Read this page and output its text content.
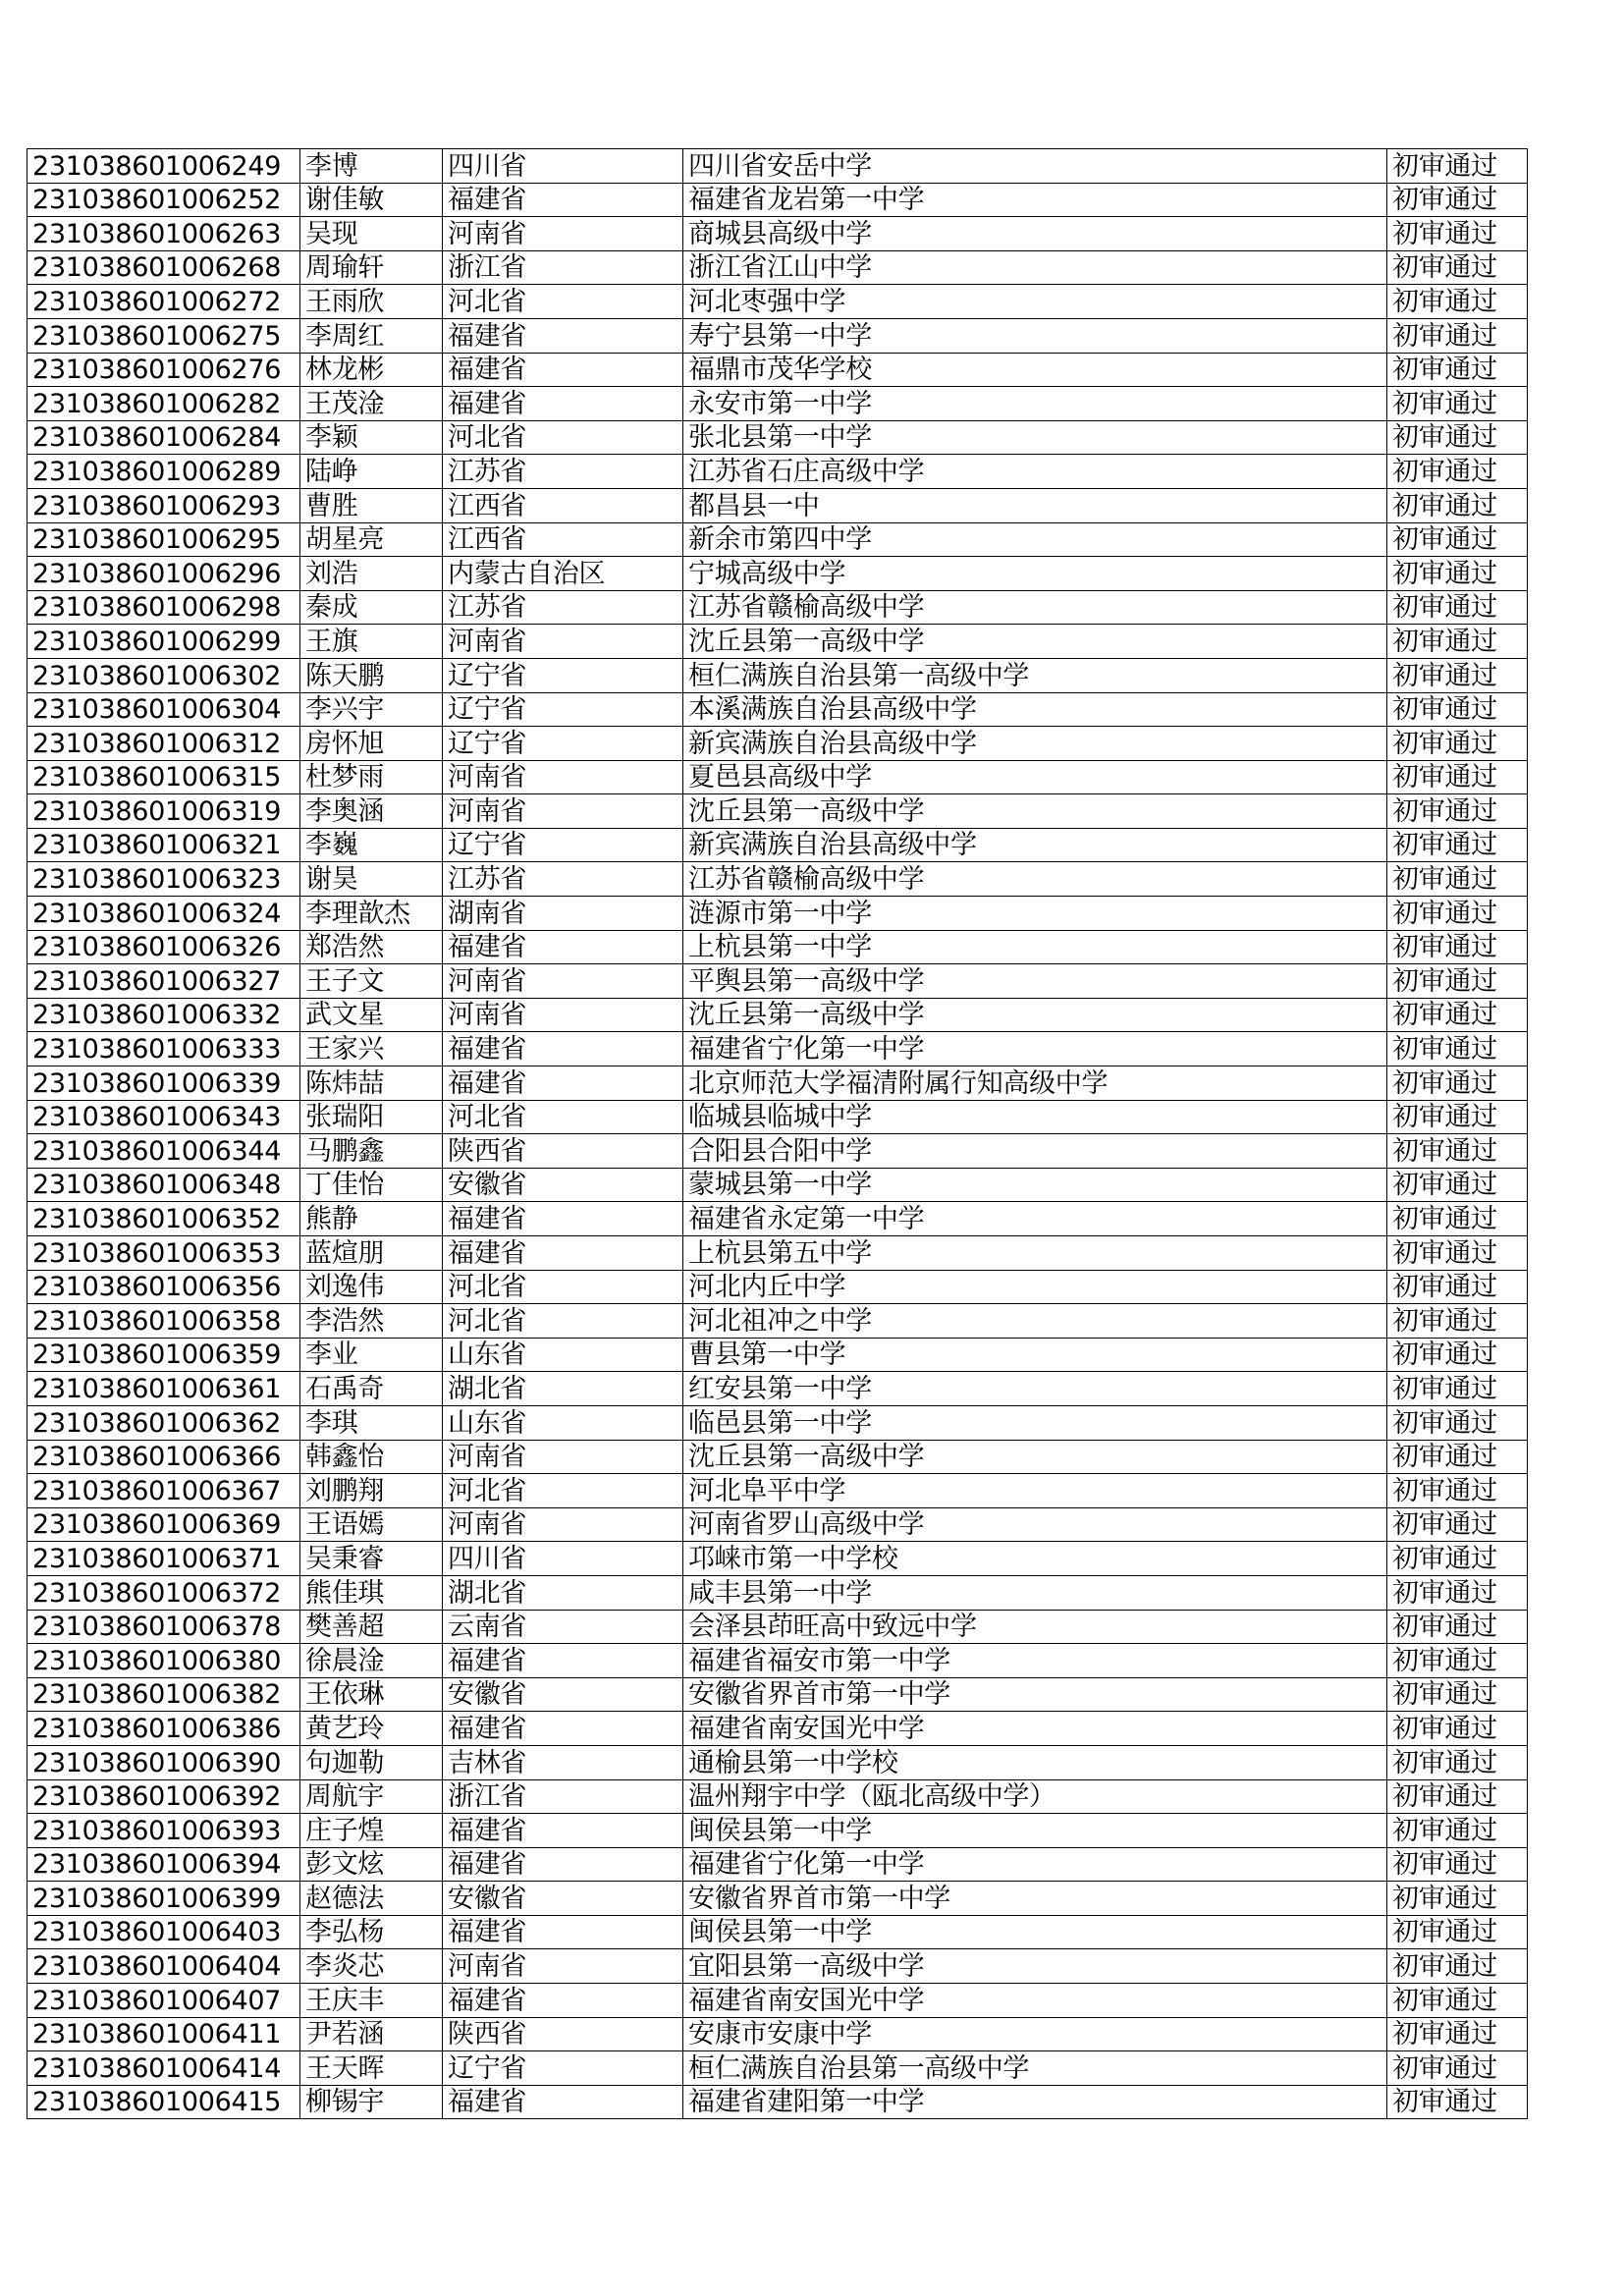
231038601006249	李博	四川省	四川省安岳中学	初审通过
231038601006252	谢佳敏	福建省	福建省龙岩第一中学	初审通过
231038601006263	吴现	河南省	商城县高级中学	初审通过
231038601006268	周瑜轩	浙江省	浙江省江山中学	初审通过
231038601006272	王雨欣	河北省	河北枣强中学	初审通过
231038601006275	李周红	福建省	寿宁县第一中学	初审通过
231038601006276	林龙彬	福建省	福鼎市茂华学校	初审通过
231038601006282	王茂淦	福建省	永安市第一中学	初审通过
231038601006284	李颖	河北省	张北县第一中学	初审通过
231038601006289	陆峥	江苏省	江苏省石庄高级中学	初审通过
231038601006293	曹胜	江西省	都昌县一中	初审通过
231038601006295	胡星亮	江西省	新余市第四中学	初审通过
231038601006296	刘浩	内蒙古自治区	宁城高级中学	初审通过
231038601006298	秦成	江苏省	江苏省赣榆高级中学	初审通过
231038601006299	王旗	河南省	沈丘县第一高级中学	初审通过
231038601006302	陈天鹏	辽宁省	桓仁满族自治县第一高级中学	初审通过
231038601006304	李兴宇	辽宁省	本溪满族自治县高级中学	初审通过
231038601006312	房怀旭	辽宁省	新宾满族自治县高级中学	初审通过
231038601006315	杜梦雨	河南省	夏邑县高级中学	初审通过
231038601006319	李奥涵	河南省	沈丘县第一高级中学	初审通过
231038601006321	李巍	辽宁省	新宾满族自治县高级中学	初审通过
231038601006323	谢昊	江苏省	江苏省赣榆高级中学	初审通过
231038601006324	李理歆杰	湖南省	涟源市第一中学	初审通过
231038601006326	郑浩然	福建省	上杭县第一中学	初审通过
231038601006327	王子文	河南省	平舆县第一高级中学	初审通过
231038601006332	武文星	河南省	沈丘县第一高级中学	初审通过
231038601006333	王家兴	福建省	福建省宁化第一中学	初审通过
231038601006339	陈炜喆	福建省	北京师范大学福清附属行知高级中学	初审通过
231038601006343	张瑞阳	河北省	临城县临城中学	初审通过
231038601006344	马鹏鑫	陕西省	合阳县合阳中学	初审通过
231038601006348	丁佳怡	安徽省	蒙城县第一中学	初审通过
231038601006352	熊静	福建省	福建省永定第一中学	初审通过
231038601006353	蓝煊朋	福建省	上杭县第五中学	初审通过
231038601006356	刘逸伟	河北省	河北内丘中学	初审通过
231038601006358	李浩然	河北省	河北祖冲之中学	初审通过
231038601006359	李业	山东省	曹县第一中学	初审通过
231038601006361	石禹奇	湖北省	红安县第一中学	初审通过
231038601006362	李琪	山东省	临邑县第一中学	初审通过
231038601006366	韩鑫怡	河南省	沈丘县第一高级中学	初审通过
231038601006367	刘鹏翔	河北省	河北阜平中学	初审通过
231038601006369	王语嫣	河南省	河南省罗山高级中学	初审通过
231038601006371	吴秉睿	四川省	邛崃市第一中学校	初审通过
231038601006372	熊佳琪	湖北省	咸丰县第一中学	初审通过
231038601006378	樊善超	云南省	会泽县茚旺高中致远中学	初审通过
231038601006380	徐晨淦	福建省	福建省福安市第一中学	初审通过
231038601006382	王依琳	安徽省	安徽省界首市第一中学	初审通过
231038601006386	黄艺玲	福建省	福建省南安国光中学	初审通过
231038601006390	句迦勒	吉林省	通榆县第一中学校	初审通过
231038601006392	周航宇	浙江省	温州翔宇中学（瓯北高级中学）	初审通过
231038601006393	庄子煌	福建省	闽侯县第一中学	初审通过
231038601006394	彭文炫	福建省	福建省宁化第一中学	初审通过
231038601006399	赵德法	安徽省	安徽省界首市第一中学	初审通过
231038601006403	李弘杨	福建省	闽侯县第一中学	初审通过
231038601006404	李炎芯	河南省	宜阳县第一高级中学	初审通过
231038601006407	王庆丰	福建省	福建省南安国光中学	初审通过
231038601006411	尹若涵	陕西省	安康市安康中学	初审通过
231038601006414	王天晖	辽宁省	桓仁满族自治县第一高级中学	初审通过
231038601006415	柳锡宇	福建省	福建省建阳第一中学	初审通过
